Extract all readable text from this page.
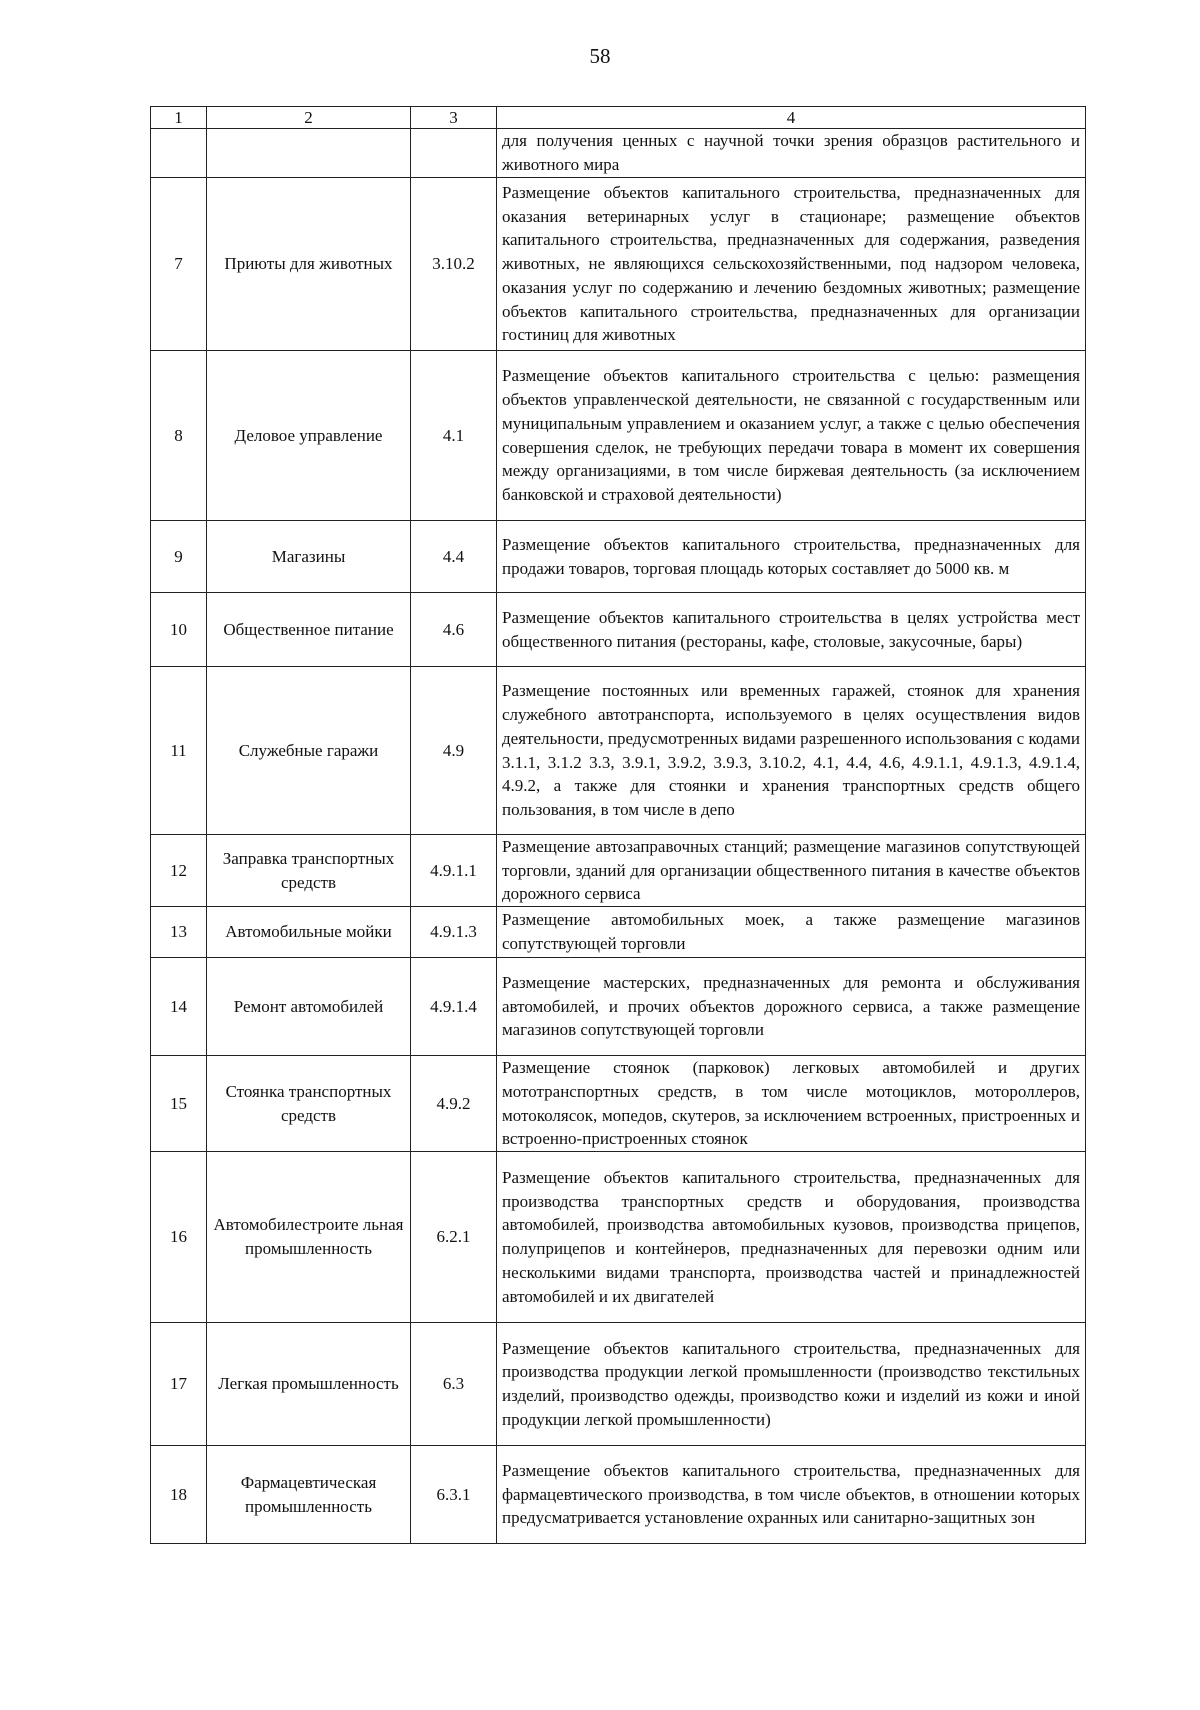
58
1	2	3	4
			для получения ценных с научной точки зрения образцов растительного и животного мира
7	Приюты для животных	3.10.2	Размещение объектов капитального строительства, предназначенных для оказания ветеринарных услуг в стационаре; размещение объектов капитального строительства, предназначенных для содержания, разведения животных, не являющихся сельскохозяйственными, под надзором человека, оказания услуг по содержанию и лечению бездомных животных; размещение объектов капитального строительства, предназначенных для организации гостиниц для животных
8	Деловое управление	4.1	Размещение объектов капитального строительства с целью: размещения объектов управленческой деятельности, не связанной с государственным или муниципальным управлением и оказанием услуг, а также с целью обеспечения совершения сделок, не требующих передачи товара в момент их совершения между организациями, в том числе биржевая деятельность (за исключением банковской и страховой деятельности)
9	Магазины	4.4	Размещение объектов капитального строительства, предназначенных для продажи товаров, торговая площадь которых составляет до 5000 кв. м
10	Общественное питание	4.6	Размещение объектов капитального строительства в целях устройства мест общественного питания (рестораны, кафе, столовые, закусочные, бары)
11	Служебные гаражи	4.9	Размещение постоянных или временных гаражей, стоянок для хранения служебного автотранспорта, используемого в целях осуществления видов деятельности, предусмотренных видами разрешенного использования с кодами 3.1.1, 3.1.2 3.3, 3.9.1, 3.9.2, 3.9.3, 3.10.2, 4.1, 4.4, 4.6, 4.9.1.1, 4.9.1.3, 4.9.1.4, 4.9.2, а также для стоянки и хранения транспортных средств общего пользования, в том числе в депо
12	Заправка транспортных средств	4.9.1.1	Размещение автозаправочных станций; размещение магазинов сопутствующей торговли, зданий для организации общественного питания в качестве объектов дорожного сервиса
13	Автомобильные мойки	4.9.1.3	Размещение автомобильных моек, а также размещение магазинов сопутствующей торговли
14	Ремонт автомобилей	4.9.1.4	Размещение мастерских, предназначенных для ремонта и обслуживания автомобилей, и прочих объектов дорожного сервиса, а также размещение магазинов сопутствующей торговли
15	Стоянка транспортных средств	4.9.2	Размещение стоянок (парковок) легковых автомобилей и других мототранспортных средств, в том числе мотоциклов, мотороллеров, мотоколясок, мопедов, скутеров, за исключением встроенных, пристроенных и встроенно-пристроенных стоянок
16	Автомобилестроите льная промышленность	6.2.1	Размещение объектов капитального строительства, предназначенных для производства транспортных средств и оборудования, производства автомобилей, производства автомобильных кузовов, производства прицепов, полуприцепов и контейнеров, предназначенных для перевозки одним или несколькими видами транспорта, производства частей и принадлежностей автомобилей и их двигателей
17	Легкая промышленность	6.3	Размещение объектов капитального строительства, предназначенных для производства продукции легкой промышленности (производство текстильных изделий, производство одежды, производство кожи и изделий из кожи и иной продукции легкой промышленности)
18	Фармацевтическая промышленность	6.3.1	Размещение объектов капитального строительства, предназначенных для фармацевтического производства, в том числе объектов, в отношении которых предусматривается установление охранных или санитарно-защитных зон
